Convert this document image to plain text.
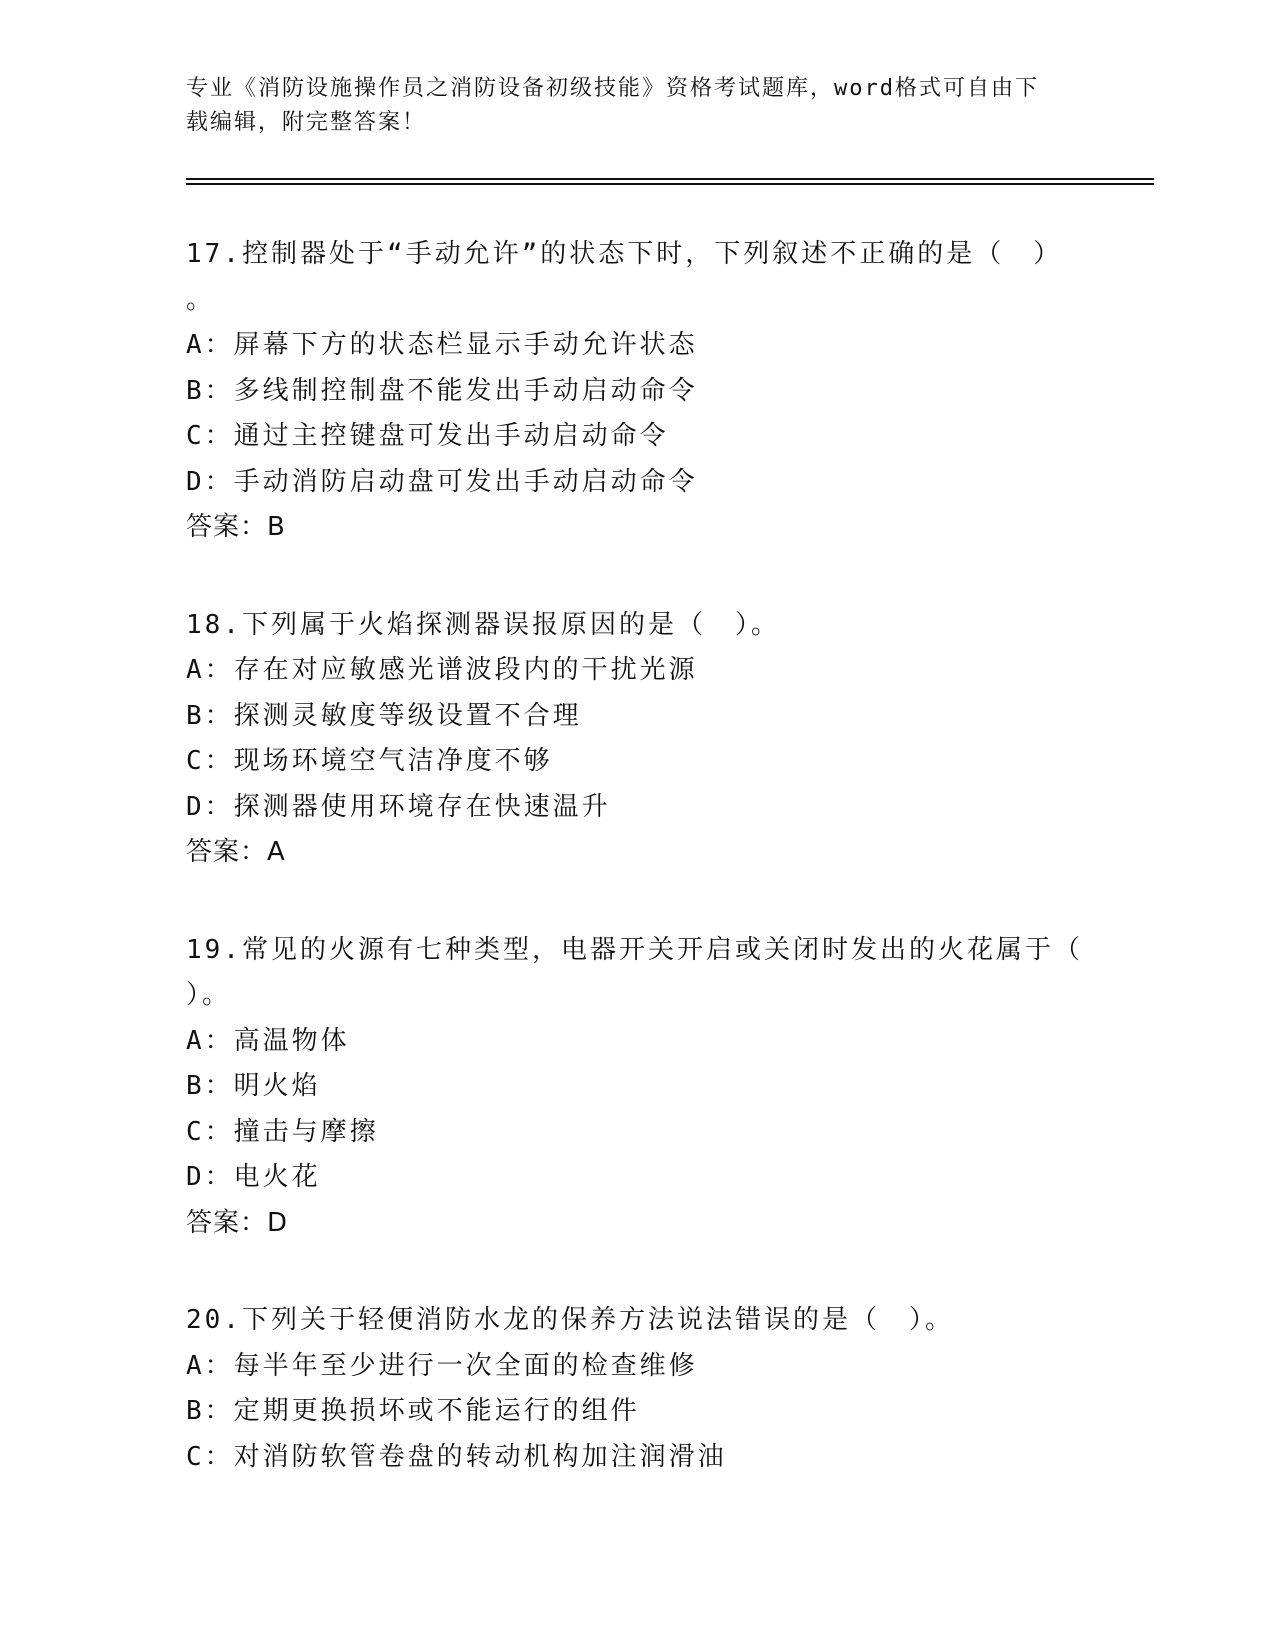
专业《消防设施操作员之消防设备初级技能》资格考试题库，word格式可自由下
载编辑，附完整答案！
17.控制器处于“手动允许”的状态下时，下列叙述不正确的是（　）
。
A：屏幕下方的状态栏显示手动允许状态
B：多线制控制盘不能发出手动启动命令
C：通过主控键盘可发出手动启动命令
D：手动消防启动盘可发出手动启动命令
答案：B
18.下列属于火焰探测器误报原因的是（　）。
A：存在对应敏感光谱波段内的干扰光源
B：探测灵敏度等级设置不合理
C：现场环境空气洁净度不够
D：探测器使用环境存在快速温升
答案：A
19.常见的火源有七种类型，电器开关开启或关闭时发出的火花属于（
）。
A：高温物体
B：明火焰
C：撞击与摩擦
D：电火花
答案：D
20.下列关于轻便消防水龙的保养方法说法错误的是（　）。
A：每半年至少进行一次全面的检查维修
B：定期更换损坏或不能运行的组件
C：对消防软管卷盘的转动机构加注润滑油
